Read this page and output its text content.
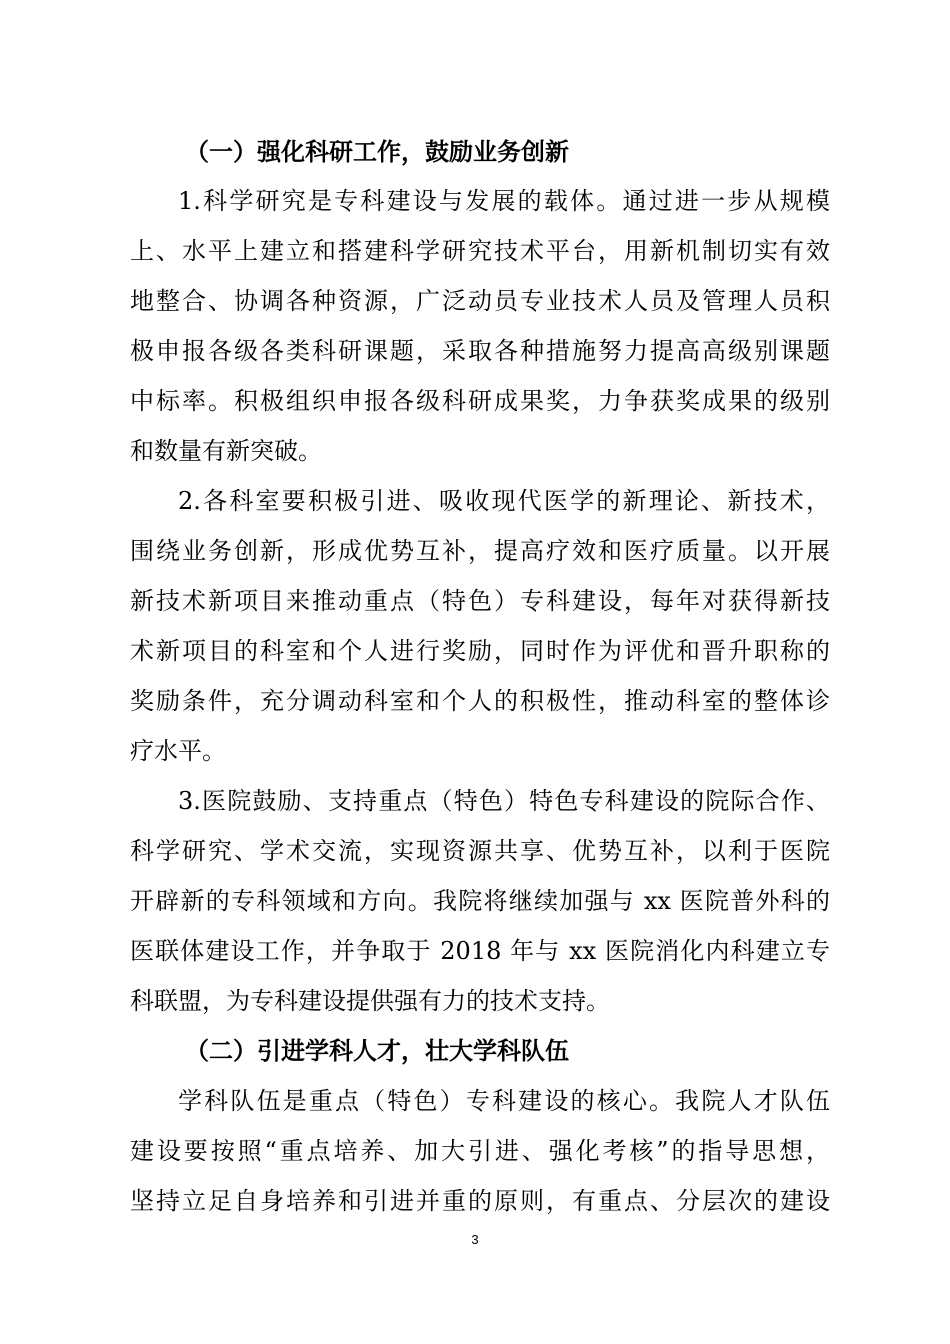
（一）强化科研工作，鼓励业务创新
1.科学研究是专科建设与发展的载体。通过进一步从规模
上、水平上建立和搭建科学研究技术平台，用新机制切实有效
地整合、协调各种资源，广泛动员专业技术人员及管理人员积
极申报各级各类科研课题，采取各种措施努力提高高级别课题
中标率。积极组织申报各级科研成果奖，力争获奖成果的级别
和数量有新突破。
2.各科室要积极引进、吸收现代医学的新理论、新技术，
围绕业务创新，形成优势互补，提高疗效和医疗质量。以开展
新技术新项目来推动重点（特色）专科建设，每年对获得新技
术新项目的科室和个人进行奖励，同时作为评优和晋升职称的
奖励条件，充分调动科室和个人的积极性，推动科室的整体诊
疗水平。
3.医院鼓励、支持重点（特色）特色专科建设的院际合作、
科学研究、学术交流，实现资源共享、优势互补，以利于医院
开辟新的专科领域和方向。我院将继续加强与 xx 医院普外科的
医联体建设工作，并争取于 2018 年与 xx 医院消化内科建立专
科联盟，为专科建设提供强有力的技术支持。
（二）引进学科人才，壮大学科队伍
学科队伍是重点（特色）专科建设的核心。我院人才队伍
建设要按照“重点培养、加大引进、强化考核”的指导思想，
坚持立足自身培养和引进并重的原则，有重点、分层次的建设
3
